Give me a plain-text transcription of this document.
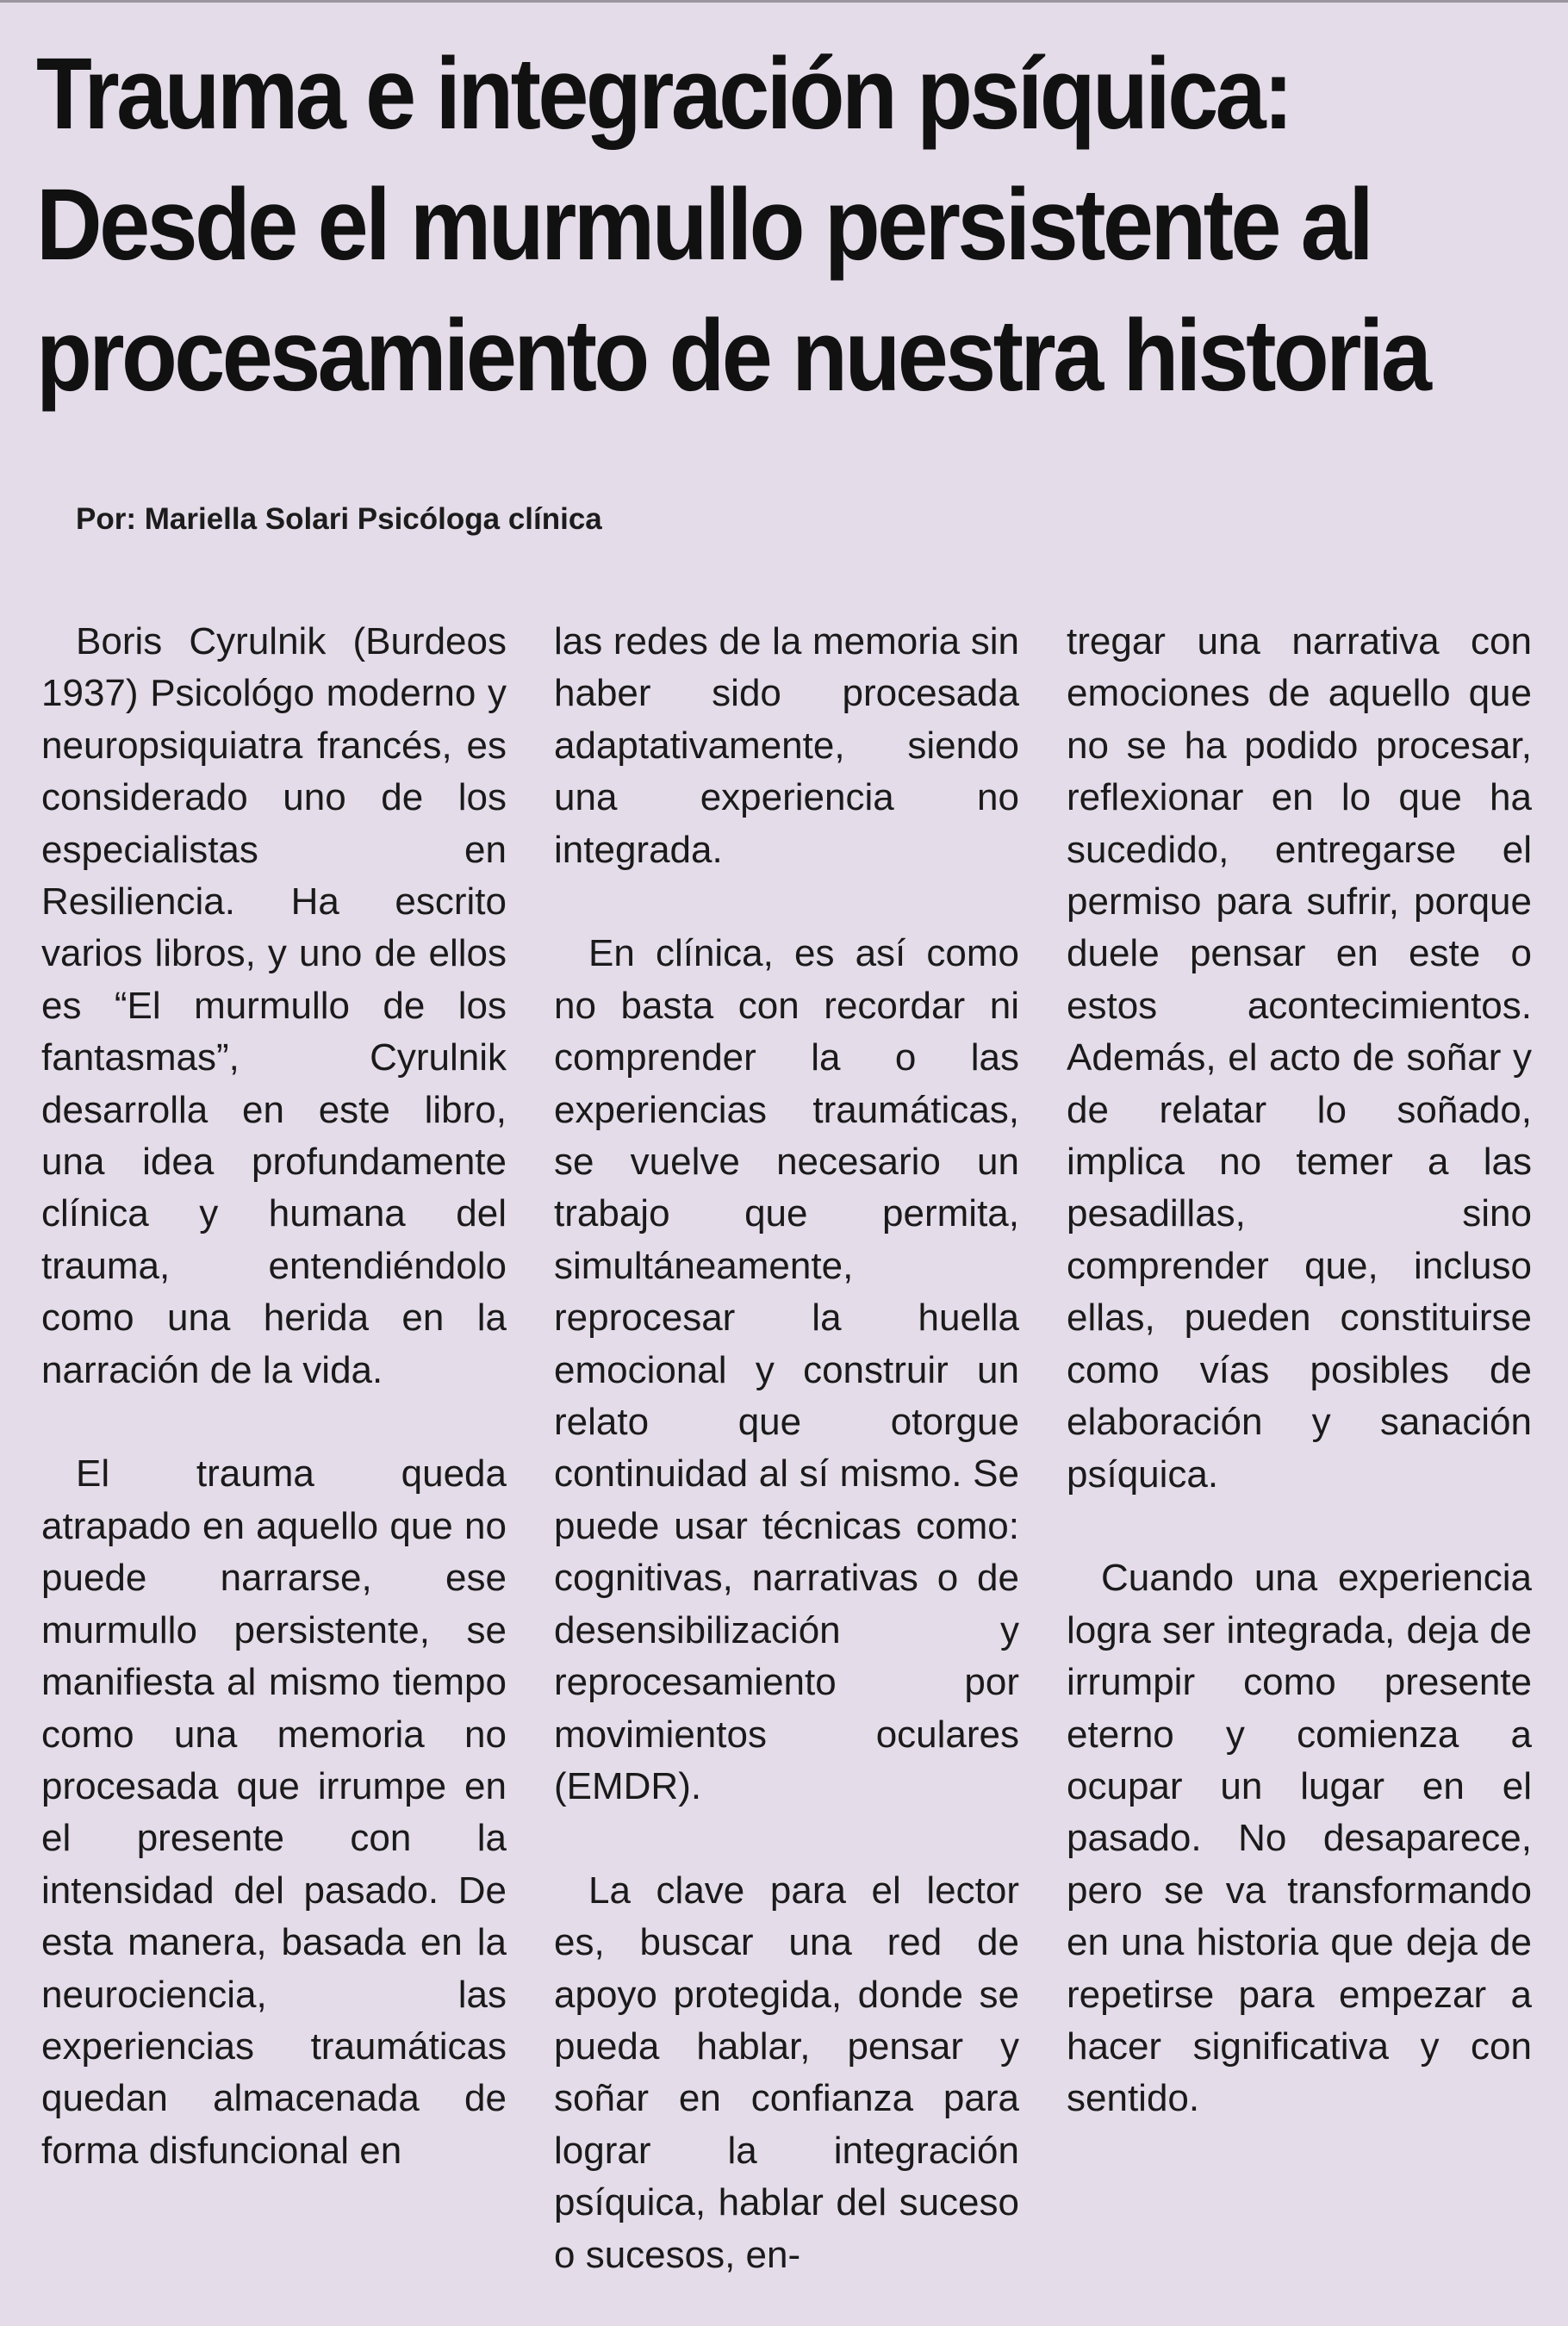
Trauma e integración psíquica:
Desde el murmullo persistente al
procesamiento de nuestra historia

Por: Mariella Solari Psicóloga clínica

Boris Cyrulnik (Burdeos 1937) Psicológo moderno y neuropsiquiatra francés, es considerado uno de los especialistas en Resiliencia. Ha escrito varios libros, y uno de ellos es “El murmullo de los fantasmas”, Cyrulnik desarrolla en este libro, una idea profundamente clínica y humana del trauma, entendiéndolo como una herida en la narración de la vida.

El trauma queda atrapado en aquello que no puede narrarse, ese murmullo persistente, se manifiesta al mismo tiempo como una memoria no procesada que irrumpe en el presente con la intensidad del pasado. De esta manera, basada en la neurociencia, las experiencias traumáticas quedan almacenada de forma disfuncional en

las redes de la memoria sin haber sido procesada adaptativamente, siendo una experiencia no integrada.

En clínica, es así como no basta con recordar ni comprender la o las experiencias traumáticas, se vuelve necesario un trabajo que permita, simultáneamente, reprocesar la huella emocional y construir un relato que otorgue continuidad al sí mismo. Se puede usar técnicas como: cognitivas, narrativas o de desensibilización y reprocesamiento por movimientos oculares (EMDR).

La clave para el lector es, buscar una red de apoyo protegida, donde se pueda hablar, pensar y soñar en confianza para lograr la integración psíquica, hablar del suceso o sucesos, en-

tregar una narrativa con emociones de aquello que no se ha podido procesar, reflexionar en lo que ha sucedido, entregarse el permiso para sufrir, porque duele pensar en este o estos acontecimientos. Además, el acto de soñar y de relatar lo soñado, implica no temer a las pesadillas, sino comprender que, incluso ellas, pueden constituirse como vías posibles de elaboración y sanación psíquica.

Cuando una experiencia logra ser integrada, deja de irrumpir como presente eterno y comienza a ocupar un lugar en el pasado. No desaparece, pero se va transformando en una historia que deja de repetirse para empezar a hacer significativa y con sentido.
